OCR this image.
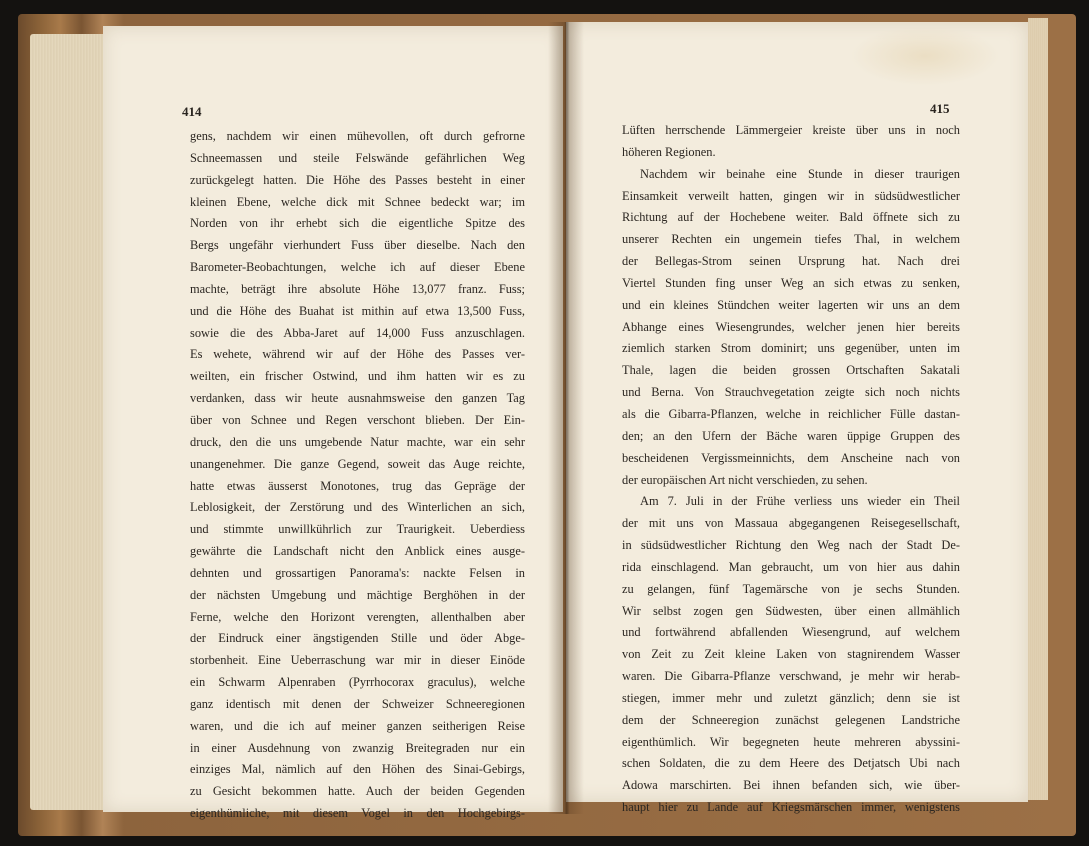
414	415
gens, nachdem wir einen mühevollen, oft durch gefrorne
Schneemassen und steile Felswände gefährlichen Weg
zurückgelegt hatten. Die Höhe des Passes besteht in einer
kleinen Ebene, welche dick mit Schnee bedeckt war; im
Norden von ihr erhebt sich die eigentliche Spitze des
Bergs ungefähr vierhundert Fuss über dieselbe. Nach den
Barometer-Beobachtungen, welche ich auf dieser Ebene
machte, beträgt ihre absolute Höhe 13,077 franz. Fuss;
und die Höhe des Buahat ist mithin auf etwa 13,500 Fuss,
sowie die des Abba-Jaret auf 14,000 Fuss anzuschlagen.
Es wehete, während wir auf der Höhe des Passes ver-
weilten, ein frischer Ostwind, und ihm hatten wir es zu
verdanken, dass wir heute ausnahmsweise den ganzen Tag
über von Schnee und Regen verschont blieben. Der Ein-
druck, den die uns umgebende Natur machte, war ein sehr
unangenehmer. Die ganze Gegend, soweit das Auge reichte,
hatte etwas äusserst Monotones, trug das Gepräge der
Leblosigkeit, der Zerstörung und des Winterlichen an sich,
und stimmte unwillkührlich zur Traurigkeit. Ueberdiess
gewährte die Landschaft nicht den Anblick eines ausge-
dehnten und grossartigen Panorama's: nackte Felsen in
der nächsten Umgebung und mächtige Berghöhen in der
Ferne, welche den Horizont verengten, allenthalben aber
der Eindruck einer ängstigenden Stille und öder Abge-
storbenheit. Eine Ueberraschung war mir in dieser Einöde
ein Schwarm Alpenraben (Pyrrhocorax graculus), welche
ganz identisch mit denen der Schweizer Schneeregionen
waren, und die ich auf meiner ganzen seitherigen Reise
in einer Ausdehnung von zwanzig Breitegraden nur ein
einziges Mal, nämlich auf den Höhen des Sinai-Gebirgs,
zu Gesicht bekommen hatte. Auch der beiden Gegenden
eigenthümliche, mit diesem Vogel in den Hochgebirgs-
Lüften herrschende Lämmergeier kreiste über uns in noch
höheren Regionen.
Nachdem wir beinahe eine Stunde in dieser traurigen
Einsamkeit verweilt hatten, gingen wir in südsüdwestlicher
Richtung auf der Hochebene weiter. Bald öffnete sich zu
unserer Rechten ein ungemein tiefes Thal, in welchem
der Bellegas-Strom seinen Ursprung hat. Nach drei
Viertel Stunden fing unser Weg an sich etwas zu senken,
und ein kleines Stündchen weiter lagerten wir uns an dem
Abhange eines Wiesengrundes, welcher jenen hier bereits
ziemlich starken Strom dominirt; uns gegenüber, unten im
Thale, lagen die beiden grossen Ortschaften Sakatali
und Berna. Von Strauchvegetation zeigte sich noch nichts
als die Gibarra-Pflanzen, welche in reichlicher Fülle dastan-
den; an den Ufern der Bäche waren üppige Gruppen des
bescheidenen Vergissmeinnichts, dem Anscheine nach von
der europäischen Art nicht verschieden, zu sehen.
Am 7. Juli in der Frühe verliess uns wieder ein Theil
der mit uns von Massaua abgegangenen Reisegesellschaft,
in südsüdwestlicher Richtung den Weg nach der Stadt De-
rida einschlagend. Man gebraucht, um von hier aus dahin
zu gelangen, fünf Tagemärsche von je sechs Stunden.
Wir selbst zogen gen Südwesten, über einen allmählich
und fortwährend abfallenden Wiesengrund, auf welchem
von Zeit zu Zeit kleine Laken von stagnirendem Wasser
waren. Die Gibarra-Pflanze verschwand, je mehr wir herab-
stiegen, immer mehr und zuletzt gänzlich; denn sie ist
dem der Schneeregion zunächst gelegenen Landstriche
eigenthümlich. Wir begegneten heute mehreren abyssini-
schen Soldaten, die zu dem Heere des Detjatsch Ubi nach
Adowa marschirten. Bei ihnen befanden sich, wie über-
haupt hier zu Lande auf Kriegsmärschen immer, wenigstens
